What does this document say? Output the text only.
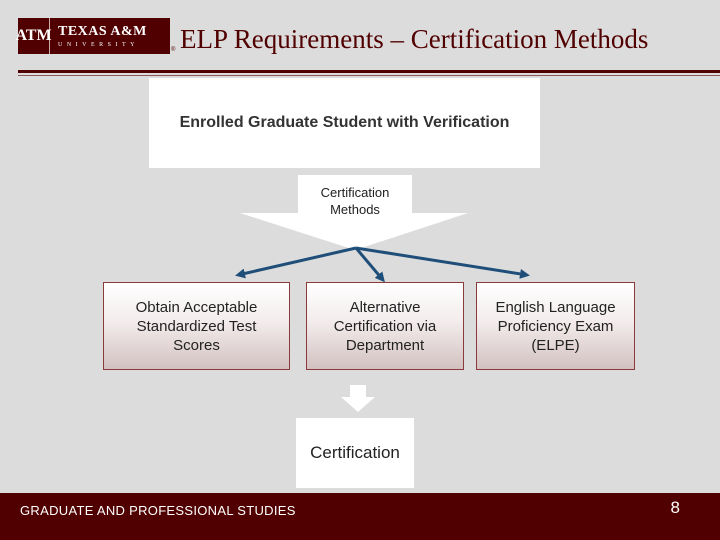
ATM TEXAS A&M
UNIVERSITY
® ELP Requirements – Certification Methods
Enrolled Graduate Student with Verification
Certification Methods
Obtain Acceptable Standardized Test Scores
Alternative Certification via Department
English Language Proficiency Exam (ELPE)
Certification
GRADUATE AND PROFESSIONAL STUDIES	8
